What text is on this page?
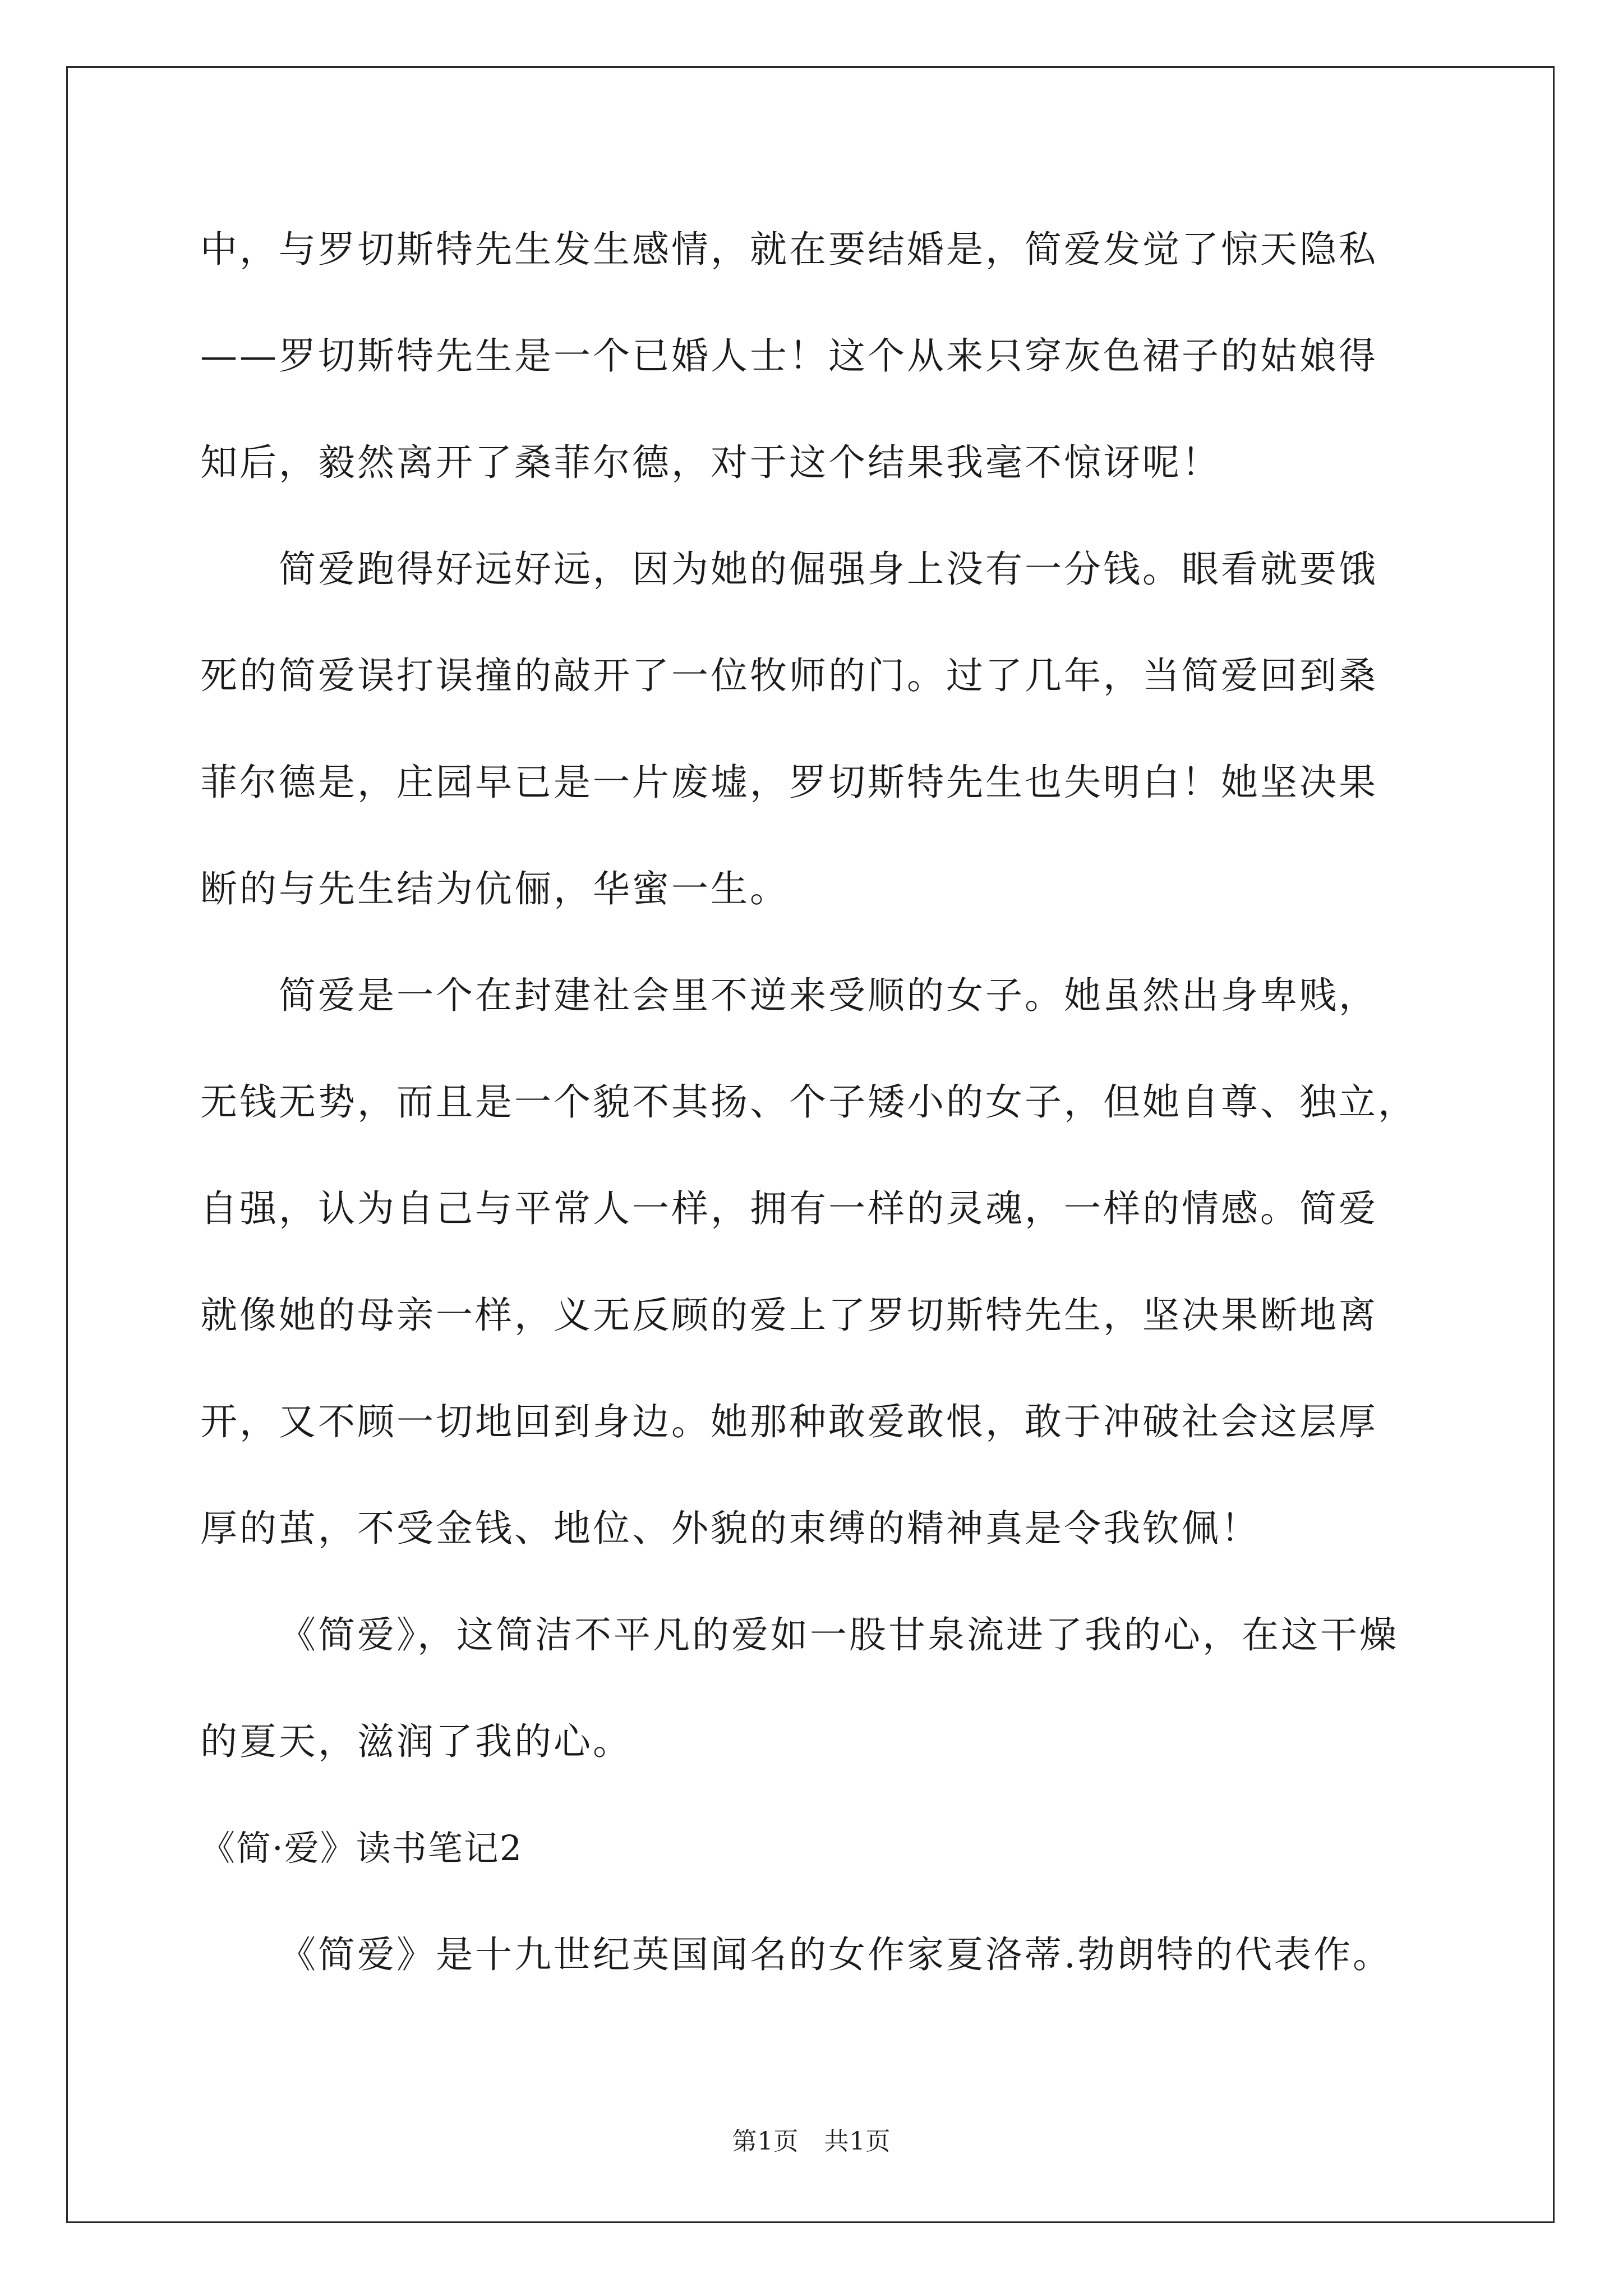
中，与罗切斯特先生发生感情，就在要结婚是，简爱发觉了惊天隐私
——罗切斯特先生是一个已婚人士！这个从来只穿灰色裙子的姑娘得
知后，毅然离开了桑菲尔德，对于这个结果我毫不惊讶呢！
简爱跑得好远好远，因为她的倔强身上没有一分钱。眼看就要饿
死的简爱误打误撞的敲开了一位牧师的门。过了几年，当简爱回到桑
菲尔德是，庄园早已是一片废墟，罗切斯特先生也失明白！她坚决果
断的与先生结为伉俪，华蜜一生。
简爱是一个在封建社会里不逆来受顺的女子。她虽然出身卑贱，
无钱无势，而且是一个貌不其扬、个子矮小的女子，但她自尊、独立，
自强，认为自己与平常人一样，拥有一样的灵魂，一样的情感。简爱
就像她的母亲一样，义无反顾的爱上了罗切斯特先生，坚决果断地离
开，又不顾一切地回到身边。她那种敢爱敢恨，敢于冲破社会这层厚
厚的茧，不受金钱、地位、外貌的束缚的精神真是令我钦佩！
《简爱》，这简洁不平凡的爱如一股甘泉流进了我的心，在这干燥
的夏天，滋润了我的心。
《简·爱》读书笔记2
《简爱》是十九世纪英国闻名的女作家夏洛蒂.勃朗特的代表作。
第1页　共1页
